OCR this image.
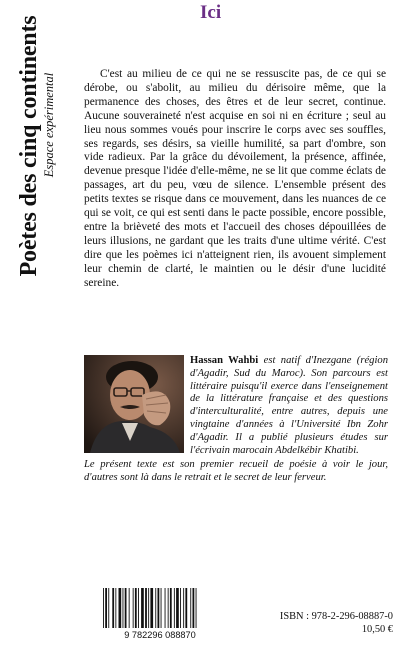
Poètes des cinq continents Espace expérimental
Ici
C'est au milieu de ce qui ne se ressuscite pas, de ce qui se dérobe, ou s'abolit, au milieu du dérisoire même, que la permanence des choses, des êtres et de leur secret, continue. Aucune souveraineté n'est acquise en soi ni en écriture ; seul au lieu nous sommes voués pour inscrire le corps avec ses souffles, ses regards, ses désirs, sa vieille humilité, sa part d'ombre, son vide radieux. Par la grâce du dévoilement, la présence, affinée, devenue presque l'idée d'elle-même, ne se lit que comme éclats de passages, art du peu, vœu de silence. L'ensemble présent des petits textes se risque dans ce mouvement, dans les nuances de ce qui se voit, ce qui est senti dans le pacte possible, encore possible, entre la brièveté des mots et l'accueil des choses dépouillées de leurs illusions, ne gardant que les traits d'une ultime vérité. C'est dire que les poèmes ici n'atteignent rien, ils avouent simplement leur chemin de clarté, le maintien ou le désir d'une lucidité sereine.
Hassan Wahbi est natif d'Inezgane (région d'Agadir, Sud du Maroc). Son parcours est littéraire puisqu'il exerce dans l'enseignement de la littérature française et des questions d'interculturalité, entre autres, depuis une vingtaine d'années à l'Université Ibn Zohr d'Agadir. Il a publié plusieurs études sur l'écrivain marocain Abdelkébir Khatibi.
Le présent texte est son premier recueil de poésie à voir le jour, d'autres sont là dans le retrait et le secret de leur ferveur.
9 782296 088870
ISBN : 978-2-296-08887-0
10,50 €
